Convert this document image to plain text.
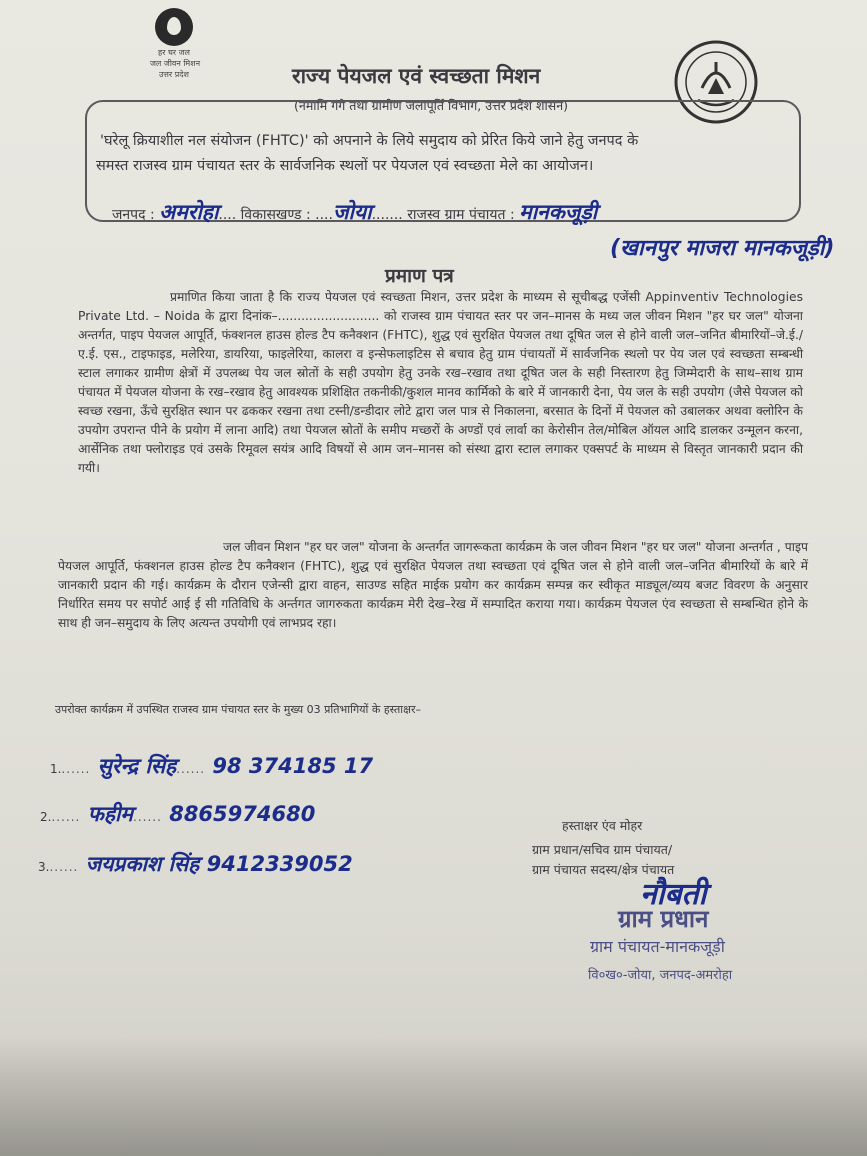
हर घर जल
जल जीवन मिशन
उत्तर प्रदेश	राज्य पेयजल एवं स्वच्छता मिशन
(नमामि गंगे तथा ग्रामीण जलापूर्ति विभाग, उत्तर प्रदेश शासन)
'घरेलू क्रियाशील नल संयोजन (FHTC)' को अपनाने के लिये समुदाय को प्रेरित किये जाने हेतु जनपद के
समस्त राजस्व ग्राम पंचायत स्तर के सार्वजनिक स्थलों पर पेयजल एवं स्वच्छता मेले का आयोजन।
जनपद : अमरोहा.... विकासखण्ड : ....जोया....... राजस्व ग्राम पंचायत : मानकजूड़ी
(खानपुर माजरा मानकजूड़ी)
प्रमाण पत्र
प्रमाणित किया जाता है कि राज्य पेयजल एवं स्वच्छता मिशन, उत्तर प्रदेश के माध्यम से सूचीबद्ध एजेंसी Appinventiv Technologies Private Ltd. – Noida के द्वारा दिनांक–.......................... को राजस्व ग्राम पंचायत स्तर पर जन–मानस के मध्य जल जीवन मिशन "हर घर जल" योजना अन्तर्गत, पाइप पेयजल आपूर्ति, फंक्शनल हाउस होल्ड टैप कनैक्शन (FHTC), शुद्ध एवं सुरक्षित पेयजल तथा दूषित जल से होने वाली जल–जनित बीमारियों–जे.ई./ए.ई. एस., टाइफाइड, मलेरिया, डायरिया, फाइलेरिया, कालरा व इन्सेफलाइटिस से बचाव हेतु ग्राम पंचायतों में सार्वजनिक स्थलो पर पेय जल एवं स्वच्छता सम्बन्धी स्टाल लगाकर ग्रामीण क्षेत्रों में उपलब्ध पेय जल स्रोतों के सही उपयोग हेतु उनके रख–रखाव तथा दूषित जल के सही निस्तारण हेतु जिम्मेदारी के साथ–साथ ग्राम पंचायत में पेयजल योजना के रख–रखाव हेतु आवश्यक प्रशिक्षित तकनीकी/कुशल मानव कार्मिको के बारे में जानकारी देना, पेय जल के सही उपयोग (जैसे पेयजल को स्वच्छ रखना, ऊँचे सुरक्षित स्थान पर ढककर रखना तथा टस्नी/डन्डीदार लोटे द्वारा जल पात्र से निकालना, बरसात के दिनों में पेयजल को उबालकर अथवा क्लोरिन के उपयोग उपरान्त पीने के प्रयोग में लाना आदि) तथा पेयजल स्रोतों के समीप मच्छरों के अण्डों एवं लार्वा का केरोसीन तेल/मोबिल ऑयल आदि डालकर उन्मूलन करना, आर्सेनिक तथा फ्लोराइड एवं उसके रिमूवल सयंत्र आदि विषयों से आम जन–मानस को संस्था द्वारा स्टाल लगाकर एक्सपर्ट के माध्यम से विस्तृत जानकारी प्रदान की गयी।
जल जीवन मिशन "हर घर जल" योजना के अन्तर्गत जागरूकता कार्यक्रम के जल जीवन मिशन "हर घर जल" योजना अन्तर्गत , पाइप पेयजल आपूर्ति, फंक्शनल हाउस होल्ड टैप कनैक्शन (FHTC), शुद्ध एवं सुरक्षित पेयजल तथा स्वच्छता एवं दूषित जल से होने वाली जल–जनित बीमारियों के बारे में जानकारी प्रदान की गई। कार्यक्रम के दौरान एजेन्सी द्वारा वाहन, साउण्ड सहित माईक प्रयोग कर कार्यक्रम सम्पन्न कर स्वीकृत माड्यूल/व्यय बजट विवरण के अनुसार निर्धारित समय पर सपोर्ट आई ई सी गतिविधि के अर्न्तगत जागरुकता कार्यक्रम मेरी देख–रेख में सम्पादित कराया गया। कार्यक्रम पेयजल एंव स्वच्छता से सम्बन्धित होने के साथ ही जन–समुदाय के लिए अत्यन्त उपयोगी एवं लाभप्रद रहा।
उपरोक्त कार्यक्रम में उपस्थित राजस्व ग्राम पंचायत स्तर के मुख्य 03 प्रतिभागियों के हस्ताक्षर–
1....... सुरेन्द्र सिंह...... 98 374185 17
2....... फहीम...... 8865974680
3....... जयप्रकाश सिंह 9412339052
हस्ताक्षर एंव मोहर
ग्राम प्रधान/सचिव ग्राम पंचायत/
ग्राम पंचायत सदस्य/क्षेत्र पंचायत
नौबती
ग्राम प्रधान
ग्राम पंचायत-मानकजूड़ी
वि०ख०-जोया, जनपद-अमरोहा
